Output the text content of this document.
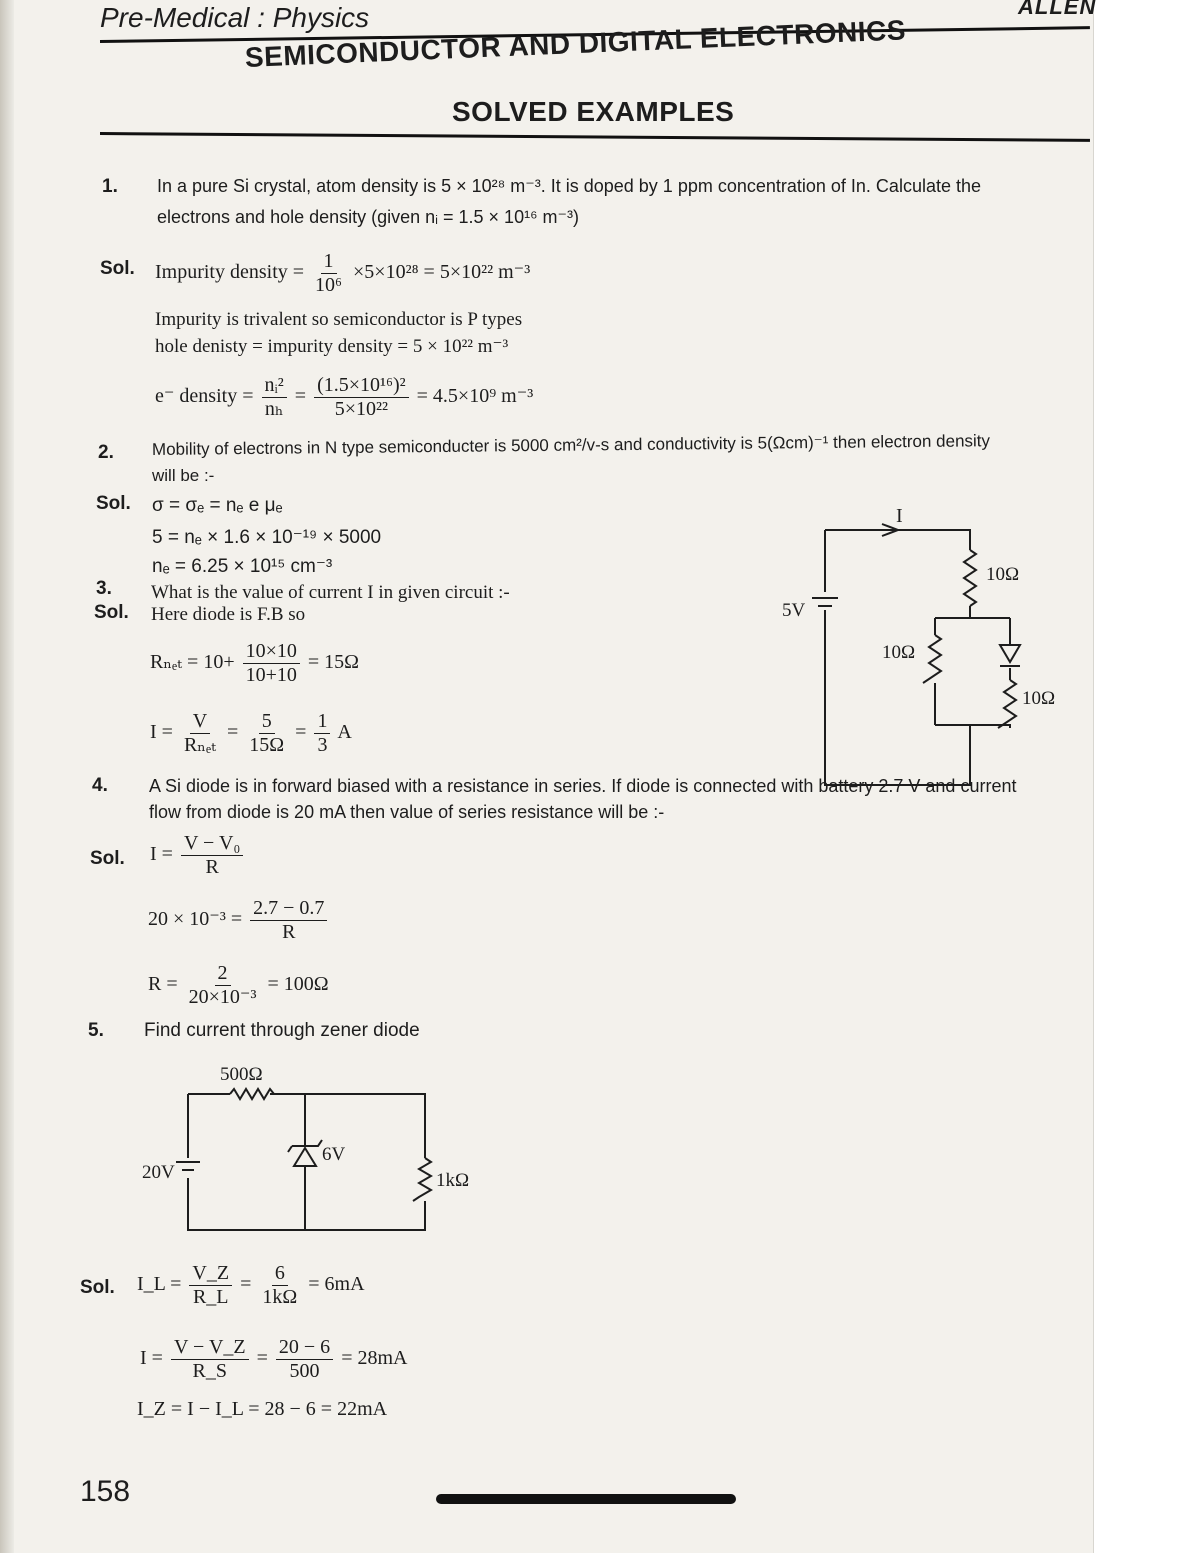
Pre-Medical : Physics	ALLEN
SEMICONDUCTOR AND DIGITAL ELECTRONICS
SOLVED EXAMPLES
1. In a pure Si crystal, atom density is 5 × 10²⁸ m⁻³. It is doped by 1 ppm concentration of In. Calculate the
electrons and hole density (given nᵢ = 1.5 × 10¹⁶ m⁻³)
Sol. Impurity density = $\frac{1}{\text{10⁶}} \times 5\times 10^{28} = 5\times 10^{22}$ m⁻³
Impurity is trivalent so semiconductor is P types
hole denisty = impurity density = 5 × 10²² m⁻³
e⁻ density = $\frac{\text{nᵢ²}}{\text{nₕ}} = \frac{\text{(1.5×10¹⁶)²}}{\text{5×10²²}} = 4.5\times 10^9$ m⁻³
2. Mobility of electrons in N type semiconducter is 5000 cm²/v-s and conductivity is 5(Ωcm)⁻¹ then electron density
will be :-
Sol. σ = σₑ = nₑ e μₑ
5 = nₑ × 1.6 × 10⁻¹⁹ × 5000
nₑ = 6.25 × 10¹⁵ cm⁻³
3. What is the value of current I in given circuit :-
Sol. Here diode is F.B so
$R_{net} = 10+ \frac{10\times 10}{10+10} = 15\Omega$
$I = \frac{V}{\text{Rₙₑₜ}} = \frac{5}{15\Omega} = \frac{1}{3}$ A
I
5V
10Ω
10Ω
10Ω
4. A Si diode is in forward biased with a resistance in series. If diode is connected with battery 2.7 V and current
flow from diode is 20 mA then value of series resistance will be :-
Sol. $I = \frac{\text{V − V₀}}{R}$
$20 \times 10^{-3} = \frac{2.7 - 0.7}{R}$
$R = \frac{2}{\text{20×10⁻³}} = 100\Omega$
5. Find current through zener diode
500Ω
20V
6V
1kΩ
Sol. I_L = $\frac{V\_Z}{R\_L} = \frac{6}{1k\Omega} = 6mA$
$I = \frac{V - V\_Z}{R\_S} = \frac{20 - 6}{500} = 28mA$
I_Z = I − I_L = 28 − 6 = 22mA
158
